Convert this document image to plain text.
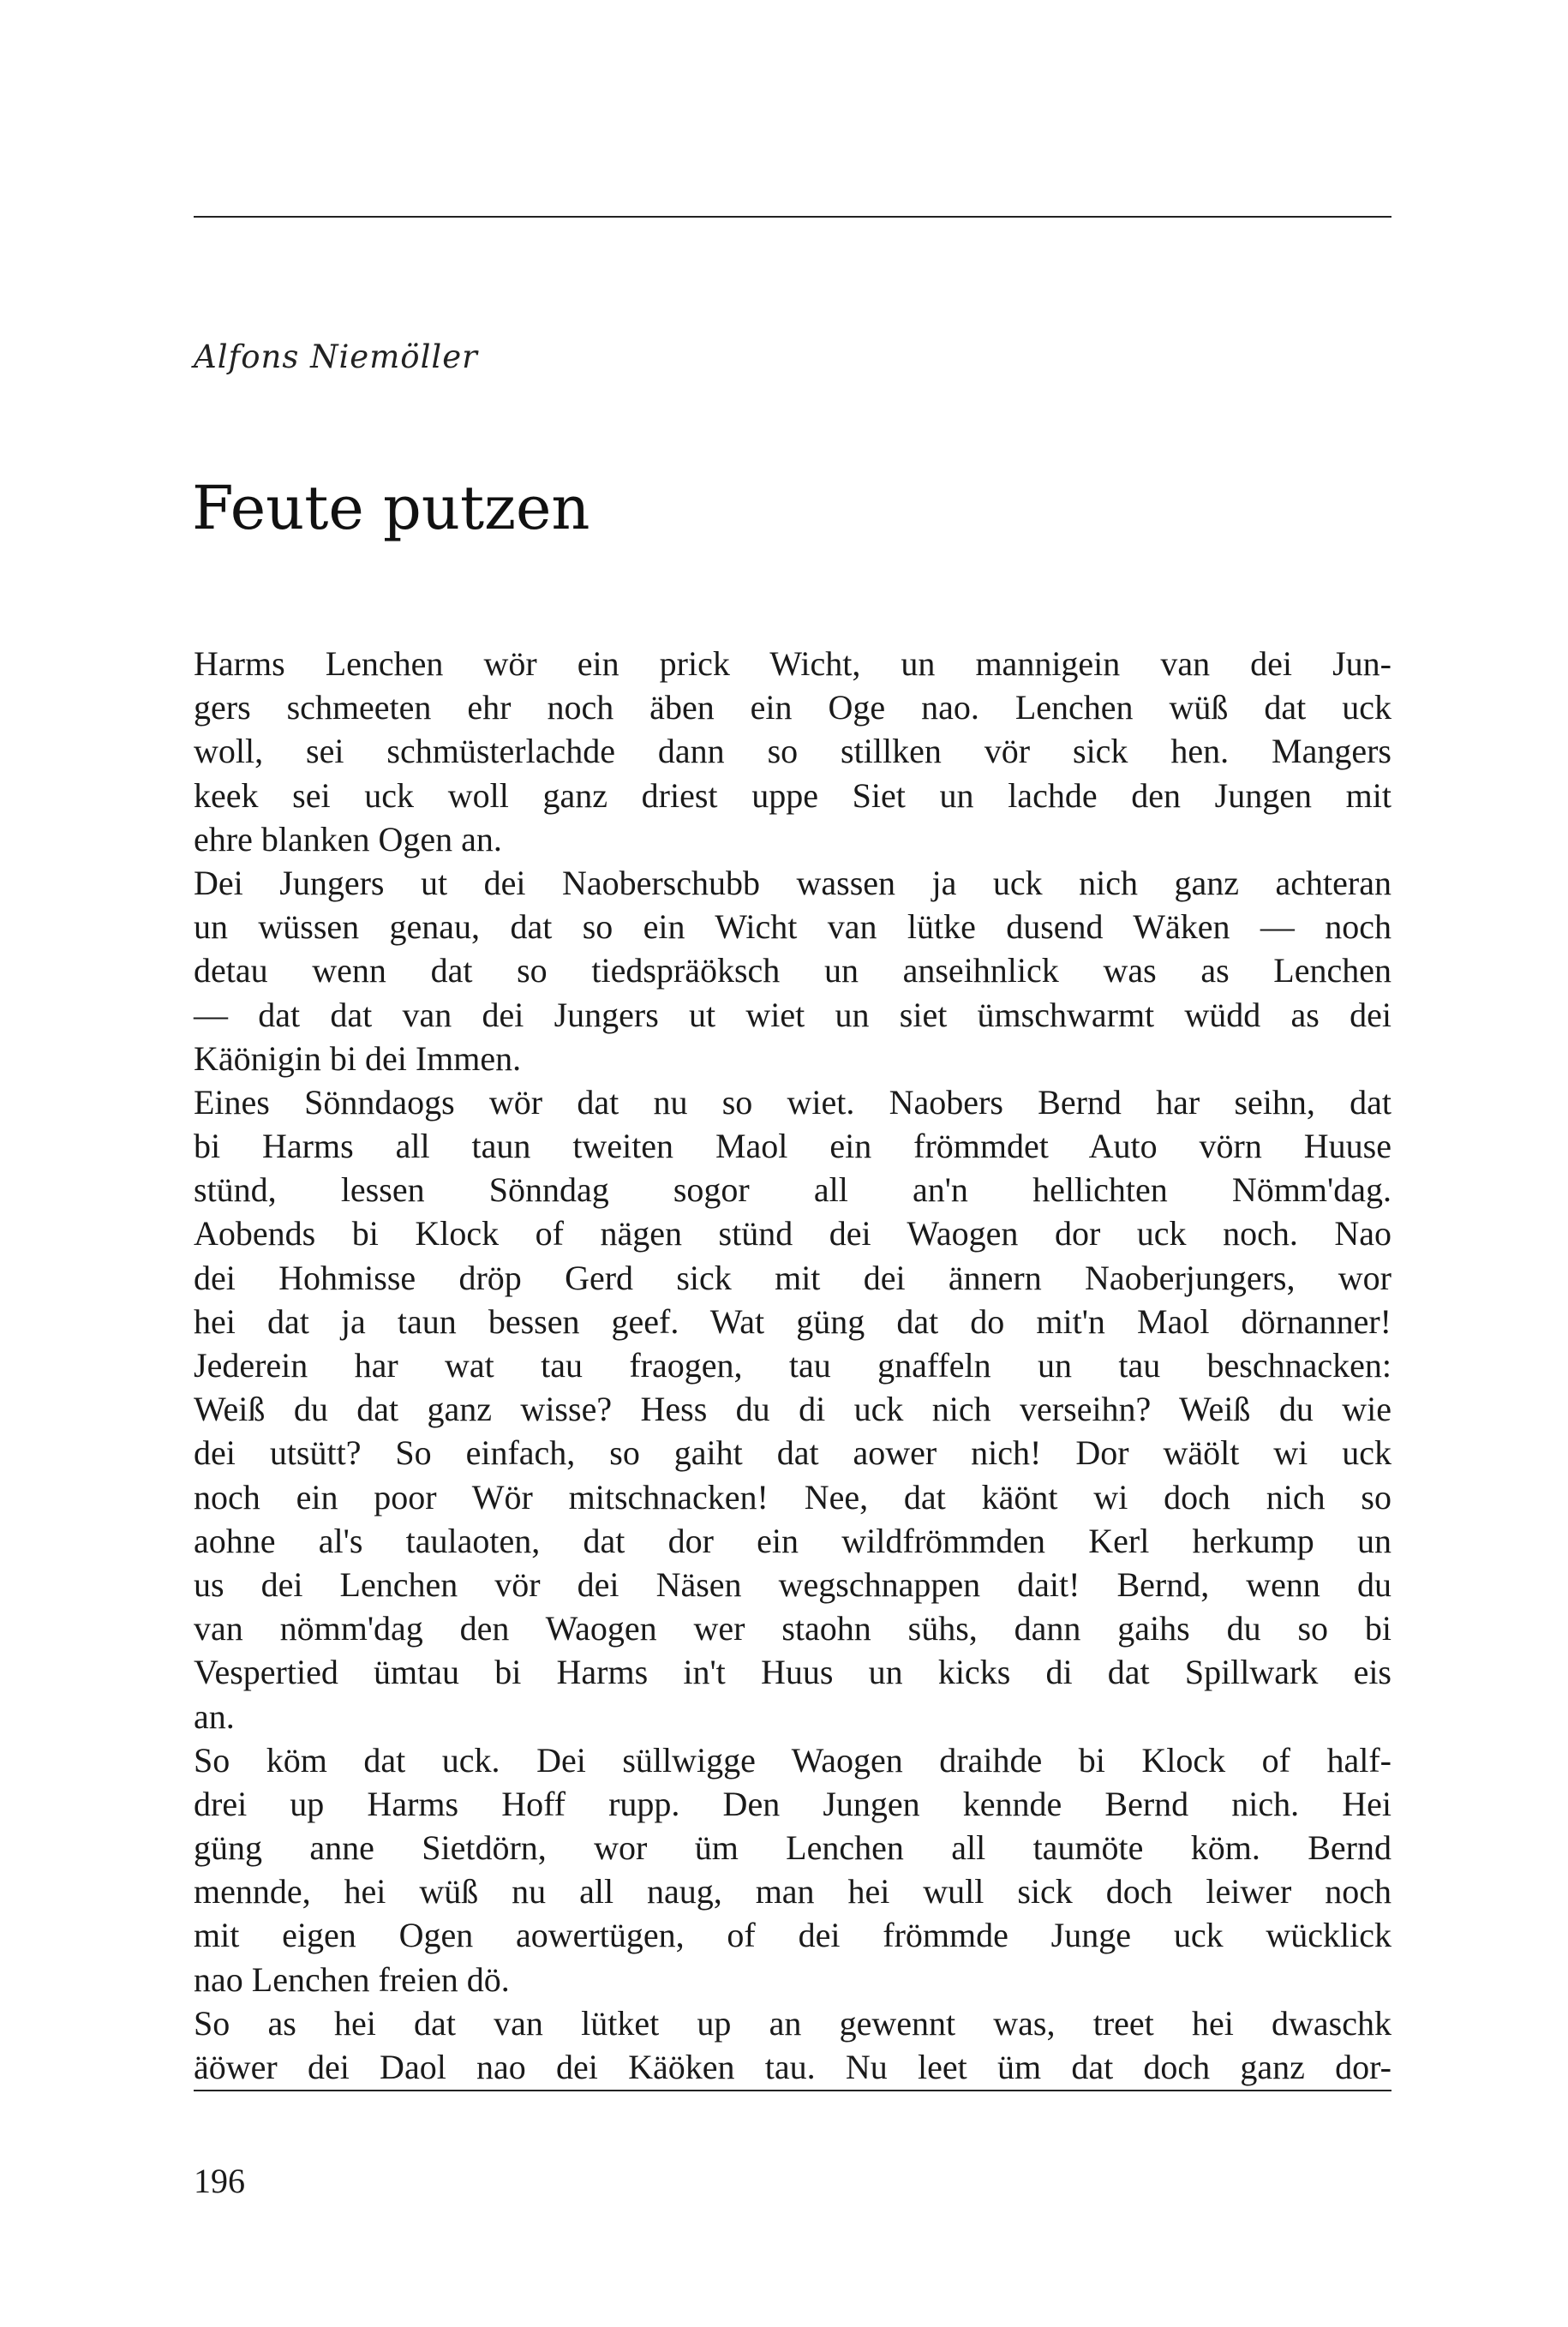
Alfons Niemöller
Feute putzen
Harms Lenchen wör ein prick Wicht, un mannigein van dei Jun-
gers schmeeten ehr noch äben ein Oge nao. Lenchen wüß dat uck
woll, sei schmüsterlachde dann so stillken vör sick hen. Mangers
keek sei uck woll ganz driest uppe Siet un lachde den Jungen mit
ehre blanken Ogen an.
Dei Jungers ut dei Naoberschubb wassen ja uck nich ganz achteran
un wüssen genau, dat so ein Wicht van lütke dusend Wäken — noch
detau wenn dat so tiedspräöksch un anseihnlick was as Lenchen
— dat dat van dei Jungers ut wiet un siet ümschwarmt wüdd as dei
Käönigin bi dei Immen.
Eines Sönndaogs wör dat nu so wiet. Naobers Bernd har seihn, dat
bi Harms all taun tweiten Maol ein frömmdet Auto vörn Huuse
stünd, lessen Sönndag sogor all an'n hellichten Nömm'dag.
Aobends bi Klock of nägen stünd dei Waogen dor uck noch. Nao
dei Hohmisse dröp Gerd sick mit dei ännern Naoberjungers, wor
hei dat ja taun bessen geef. Wat güng dat do mit'n Maol dörnanner!
Jederein har wat tau fraogen, tau gnaffeln un tau beschnacken:
Weiß du dat ganz wisse? Hess du di uck nich verseihn? Weiß du wie
dei utsütt? So einfach, so gaiht dat aower nich! Dor wäölt wi uck
noch ein poor Wör mitschnacken! Nee, dat käönt wi doch nich so
aohne al's taulaoten, dat dor ein wildfrömmden Kerl herkump un
us dei Lenchen vör dei Näsen wegschnappen dait! Bernd, wenn du
van nömm'dag den Waogen wer staohn sühs, dann gaihs du so bi
Vespertied ümtau bi Harms in't Huus un kicks di dat Spillwark eis
an.
So köm dat uck. Dei süllwigge Waogen draihde bi Klock of half-
drei up Harms Hoff rupp. Den Jungen kennde Bernd nich. Hei
güng anne Sietdörn, wor üm Lenchen all taumöte köm. Bernd
mennde, hei wüß nu all naug, man hei wull sick doch leiwer noch
mit eigen Ogen aowertügen, of dei frömmde Junge uck wücklick
nao Lenchen freien dö.
So as hei dat van lütket up an gewennt was, treet hei dwaschk
äöwer dei Daol nao dei Käöken tau. Nu leet üm dat doch ganz dor-
196
